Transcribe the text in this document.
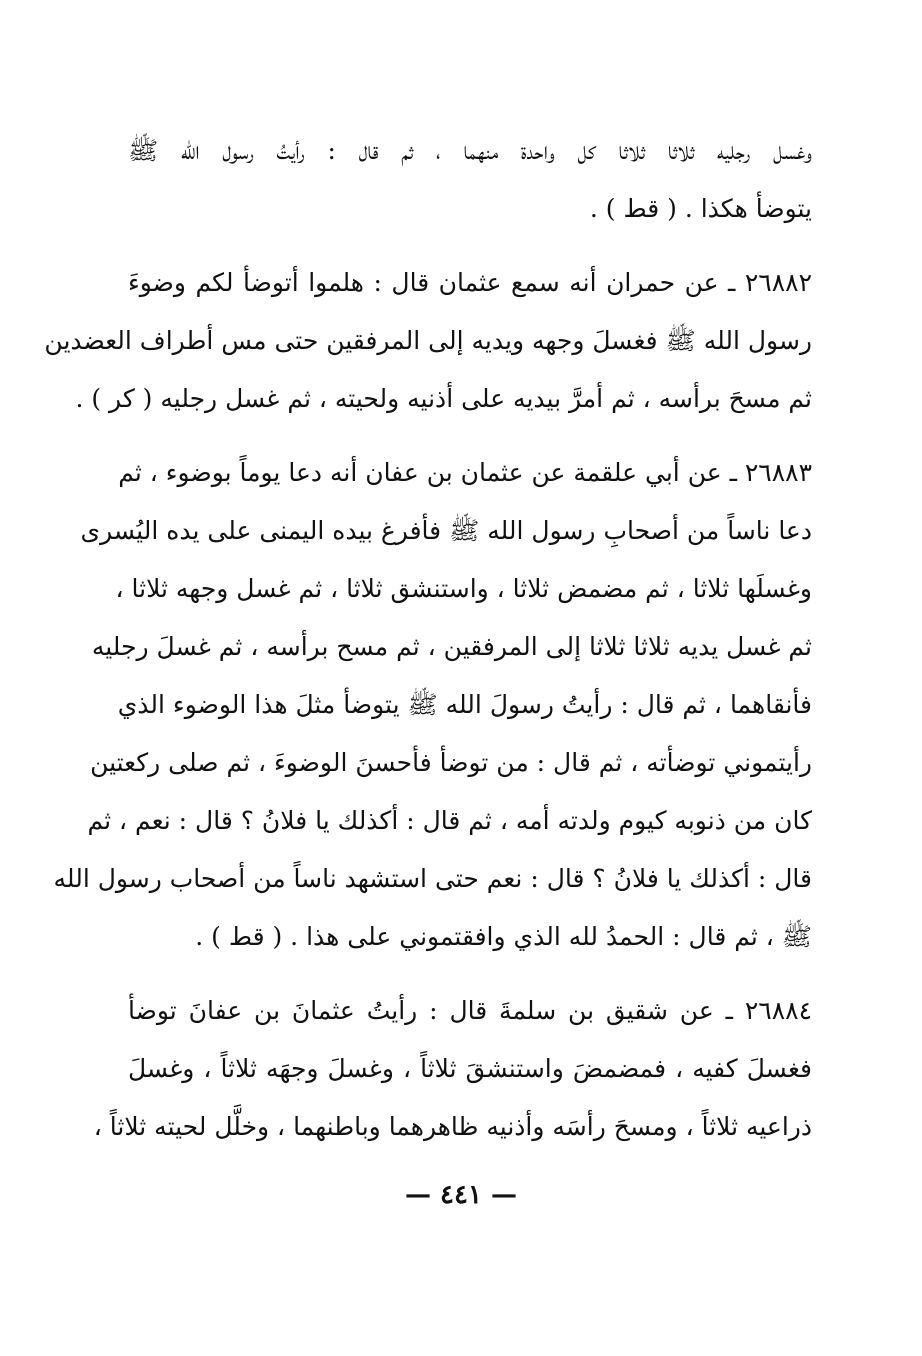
وغسل رجليه ثلاثا ثلاثا كل واحدة منهما ، ثم قال : رأيتُ رسول الله ﷺ
يتوضأ هكذا . ( قط ) .
٢٦٨٨٢ ـ عن حمران أنه سمع عثمان قال : هلموا أتوضأ لكم وضوءَ
رسول الله ﷺ فغسلَ وجهه ويديه إلى المرفقين حتى مس أطراف العضدين
ثم مسحَ برأسه ، ثم أمرَّ بيديه على أذنيه ولحيته ، ثم غسل رجليه ( كر ) .
٢٦٨٨٣ ـ عن أبي علقمة عن عثمان بن عفان أنه دعا يوماً بوضوء ، ثم
دعا ناساً من أصحابِ رسول الله ﷺ فأفرغ بيده اليمنى على يده اليُسرى
وغسلَها ثلاثا ، ثم مضمض ثلاثا ، واستنشق ثلاثا ، ثم غسل وجهه ثلاثا ،
ثم غسل يديه ثلاثا ثلاثا إلى المرفقين ، ثم مسح برأسه ، ثم غسلَ رجليه
فأنقاهما ، ثم قال : رأيتُ رسولَ الله ﷺ يتوضأ مثلَ هذا الوضوء الذي
رأيتموني توضأته ، ثم قال : من توضأ فأحسنَ الوضوءَ ، ثم صلى ركعتين
كان من ذنوبه كيوم ولدته أمه ، ثم قال : أكذلك يا فلانُ ؟ قال : نعم ، ثم
قال : أكذلك يا فلانُ ؟ قال : نعم حتى استشهد ناساً من أصحاب رسول الله
ﷺ ، ثم قال : الحمدُ لله الذي وافقتموني على هذا . ( قط ) .
٢٦٨٨٤ ـ عن شقيق بن سلمةَ قال : رأيتُ عثمانَ بن عفانَ توضأ
فغسلَ كفيه ، فمضمضَ واستنشقَ ثلاثاً ، وغسلَ وجهَه ثلاثاً ، وغسلَ
ذراعيه ثلاثاً ، ومسحَ رأسَه وأذنيه ظاهرهما وباطنهما ، وخلَّل لحيته ثلاثاً ،
— ٤٤١ —
